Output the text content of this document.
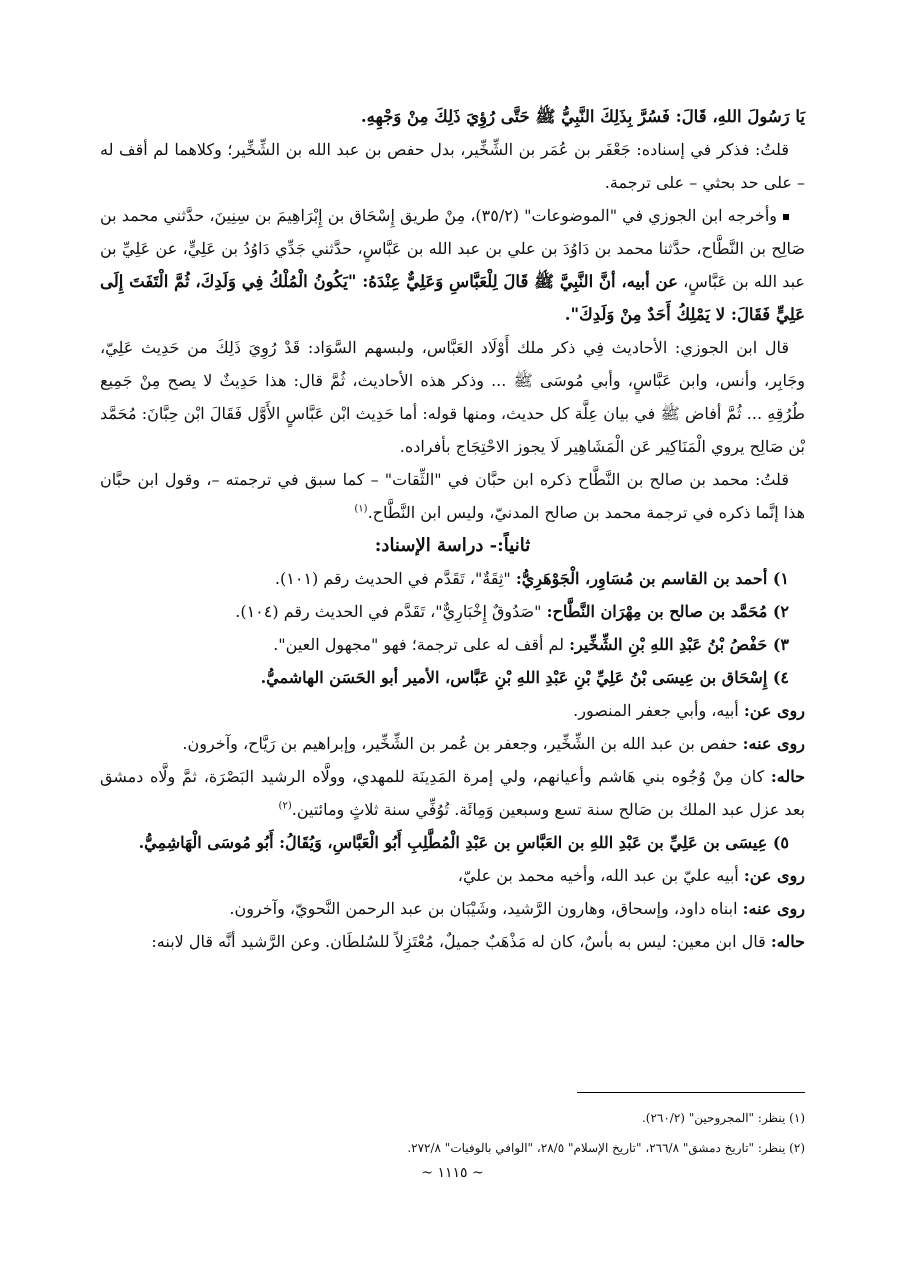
يَا رَسُولَ اللهِ، قَالَ: فَسُرَّ بِذَلِكَ النَّبِيُّ ﷺ حَتَّى رُؤِيَ ذَلِكَ مِنْ وَجْهِهِ.

قلتُ: فذكر في إسناده: جَعْفَر بن عُمَر بن الشِّخِّير، بدل حفص بن عبد الله بن الشِّخِّير؛ وكلاهما لم أقف له – على حد بحثي – على ترجمة.

وأخرجه ابن الجوزي في "الموضوعات" (٣٥/٢)، مِنْ طريق إِسْحَاق بن إِبْرَاهِيمَ بن سِنِينَ، حدَّثني محمد بن صَالِح بن النَّطَّاح، حدَّثنا محمد بن دَاوُدَ بن علي بن عبد الله بن عَبَّاسٍ، حدَّثني جَدِّي دَاوُدُ بن عَلِيٍّ، عن عَلِيِّ بن عبد الله بن عَبَّاسٍ، عن أبيه، أنَّ النَّبِيَّ ﷺ قَالَ لِلْعَبَّاسِ وَعَلِيٌّ عِنْدَهُ: "يَكُونُ الْمُلْكُ فِي وَلَدِكَ، ثُمَّ الْتَفَتَ إِلَى عَلِيٍّ فَقَالَ: لا يَمْلِكُ أَحَدٌ مِنْ وَلَدِكَ".

قال ابن الجوزي: الأحاديث فِي ذكر ملك أَوْلَاد العَبَّاس، ولبسهم السَّوَاد: قَدْ رُوِيَ ذَلِكَ من حَدِيث عَلِيّ، وجَابِر، وأنس، وابن عَبَّاسٍ، وأبي مُوسَى ﷺ ... وذكر هذه الأحاديث، ثُمَّ قال: هذا حَدِيثٌ لا يصح مِنْ جَمِيع طُرُقِهِ ... ثُمَّ أفاض ﷺ في بيان عِلَّة كل حديث، ومنها قوله: أما حَدِيث ابْن عَبَّاسٍ الأَوَّل فَقَالَ ابْن حِبَّانَ: مُحَمَّد بْن صَالِح يروي الْمَنَاكِير عَن الْمَشَاهِير لَا يجوز الاحْتِجَاج بأفراده.

قلتُ: محمد بن صالح بن النَّطَّاح ذكره ابن حبَّان في "الثِّقات" – كما سبق في ترجمته –، وقول ابن حبَّان هذا إنَّما ذكره في ترجمة محمد بن صالح المدنيّ، وليس ابن النَّطَّاح.$^{(١)}$

ثانياً:- دراسة الإسناد:

١) أحمد بن القاسم بن مُسَاوِر، الْجَوْهَرِيُّ: "ثِقَةٌ"، تَقَدَّم في الحديث رقم (١٠١).

٢) مُحَمَّد بن صالح بن مِهْرَان النَّطَّاح: "صَدُوقٌ إِخْبَارِيٌّ"، تَقَدَّم في الحديث رقم (١٠٤).

٣) حَفْصُ بْنُ عَبْدِ اللهِ بْنِ الشِّخِّير: لم أقف له على ترجمة؛ فهو "مجهول العين".

٤) إِسْحَاق بن عِيسَى بْنُ عَلِيِّ بْنِ عَبْدِ اللهِ بْنِ عَبَّاس، الأمير أبو الحَسَن الهاشميُّ.

روى عن: أبيه، وأبي جعفر المنصور.

روى عنه: حفص بن عبد الله بن الشِّخِّير، وجعفر بن عُمر بن الشِّخِّير، وإبراهيم بن رَيَّاح، وآخرون.

حاله: كان مِنْ وُجُوه بني هَاشم وأعيانهم، ولي إمرة المَدِينَة للمهدي، وولَّاه الرشيد البَصْرَة، ثمَّ ولَّاه دمشق بعد عزل عبد الملك بن صَالح سنة تسع وسبعين وَمِائَة. تُوُفِّي سنة ثلاثٍ ومائتين.$^{(٢)}$

٥) عِيسَى بن عَلِيِّ بن عَبْدِ اللهِ بن العَبَّاسِ بن عَبْدِ الْمُطَّلِبِ أَبُو الْعَبَّاسِ، وَيُقَالُ: أَبُو مُوسَى الْهَاشِمِيُّ.

روى عن: أبيه عليّ بن عبد الله، وأخيه محمد بن عليّ،

روى عنه: ابناه داود، وإسحاق، وهارون الرَّشيد، وشَيْبَان بن عبد الرحمن النَّحويّ، وآخرون.

حاله: قال ابن معين: ليس به بأسٌ، كان له مَذْهَبٌ جميلٌ، مُعْتَزِلاً للسُلطَان. وعن الرَّشيد أنَّه قال لابنه:

(١) ينظر: "المجروحين" (٢٦٠/٢).

(٢) ينظر: "تاريخ دمشق" ٢٦٦/٨، "تاريخ الإسلام" ٢٨/٥، "الوافي بالوفيات" ٢٧٢/٨.

~ ١١١٥ ~
